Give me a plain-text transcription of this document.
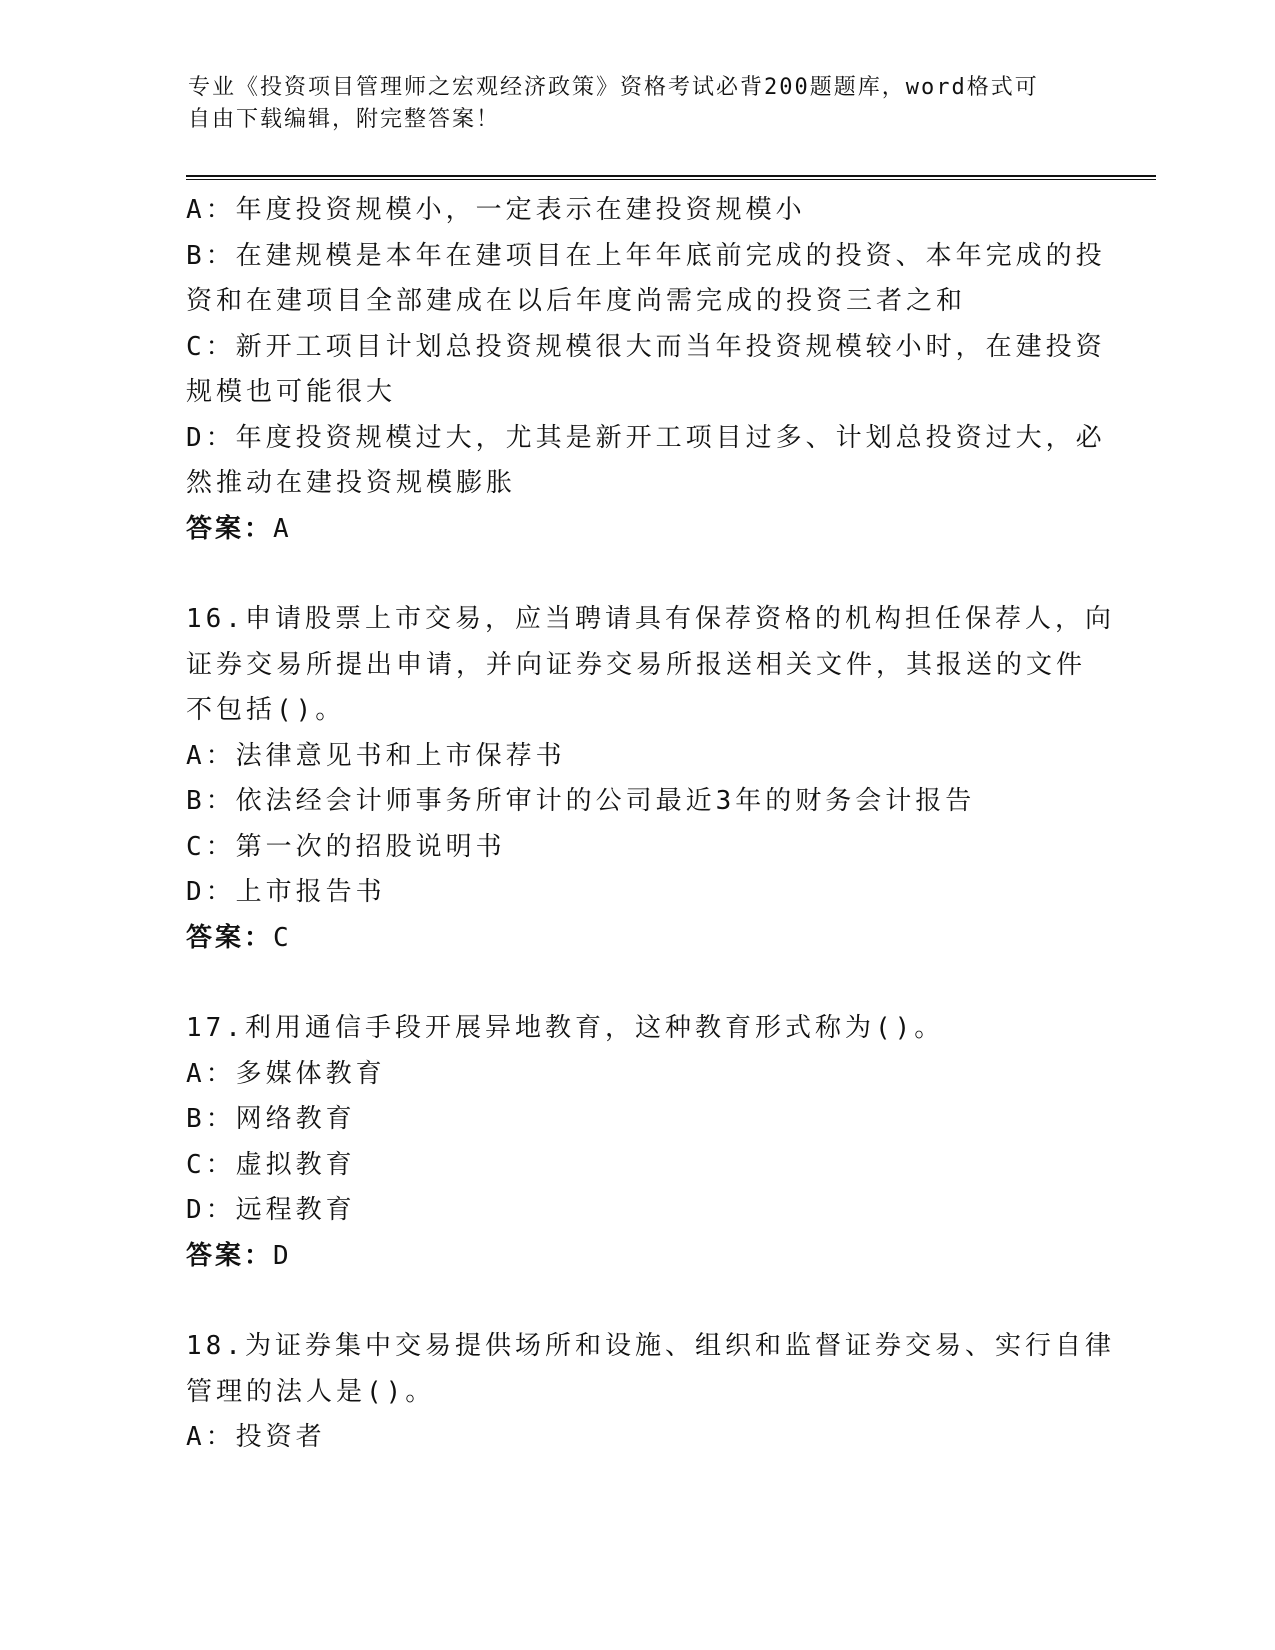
专业《投资项目管理师之宏观经济政策》资格考试必背200题题库，word格式可
自由下载编辑，附完整答案！
A：年度投资规模小，一定表示在建投资规模小
B：在建规模是本年在建项目在上年年底前完成的投资、本年完成的投
资和在建项目全部建成在以后年度尚需完成的投资三者之和
C：新开工项目计划总投资规模很大而当年投资规模较小时，在建投资
规模也可能很大
D：年度投资规模过大，尤其是新开工项目过多、计划总投资过大，必
然推动在建投资规模膨胀
答案：A
16.申请股票上市交易，应当聘请具有保荐资格的机构担任保荐人，向
证券交易所提出申请，并向证券交易所报送相关文件，其报送的文件
不包括()。
A：法律意见书和上市保荐书
B：依法经会计师事务所审计的公司最近3年的财务会计报告
C：第一次的招股说明书
D：上市报告书
答案：C
17.利用通信手段开展异地教育，这种教育形式称为()。
A：多媒体教育
B：网络教育
C：虚拟教育
D：远程教育
答案：D
18.为证券集中交易提供场所和设施、组织和监督证券交易、实行自律
管理的法人是()。
A：投资者
